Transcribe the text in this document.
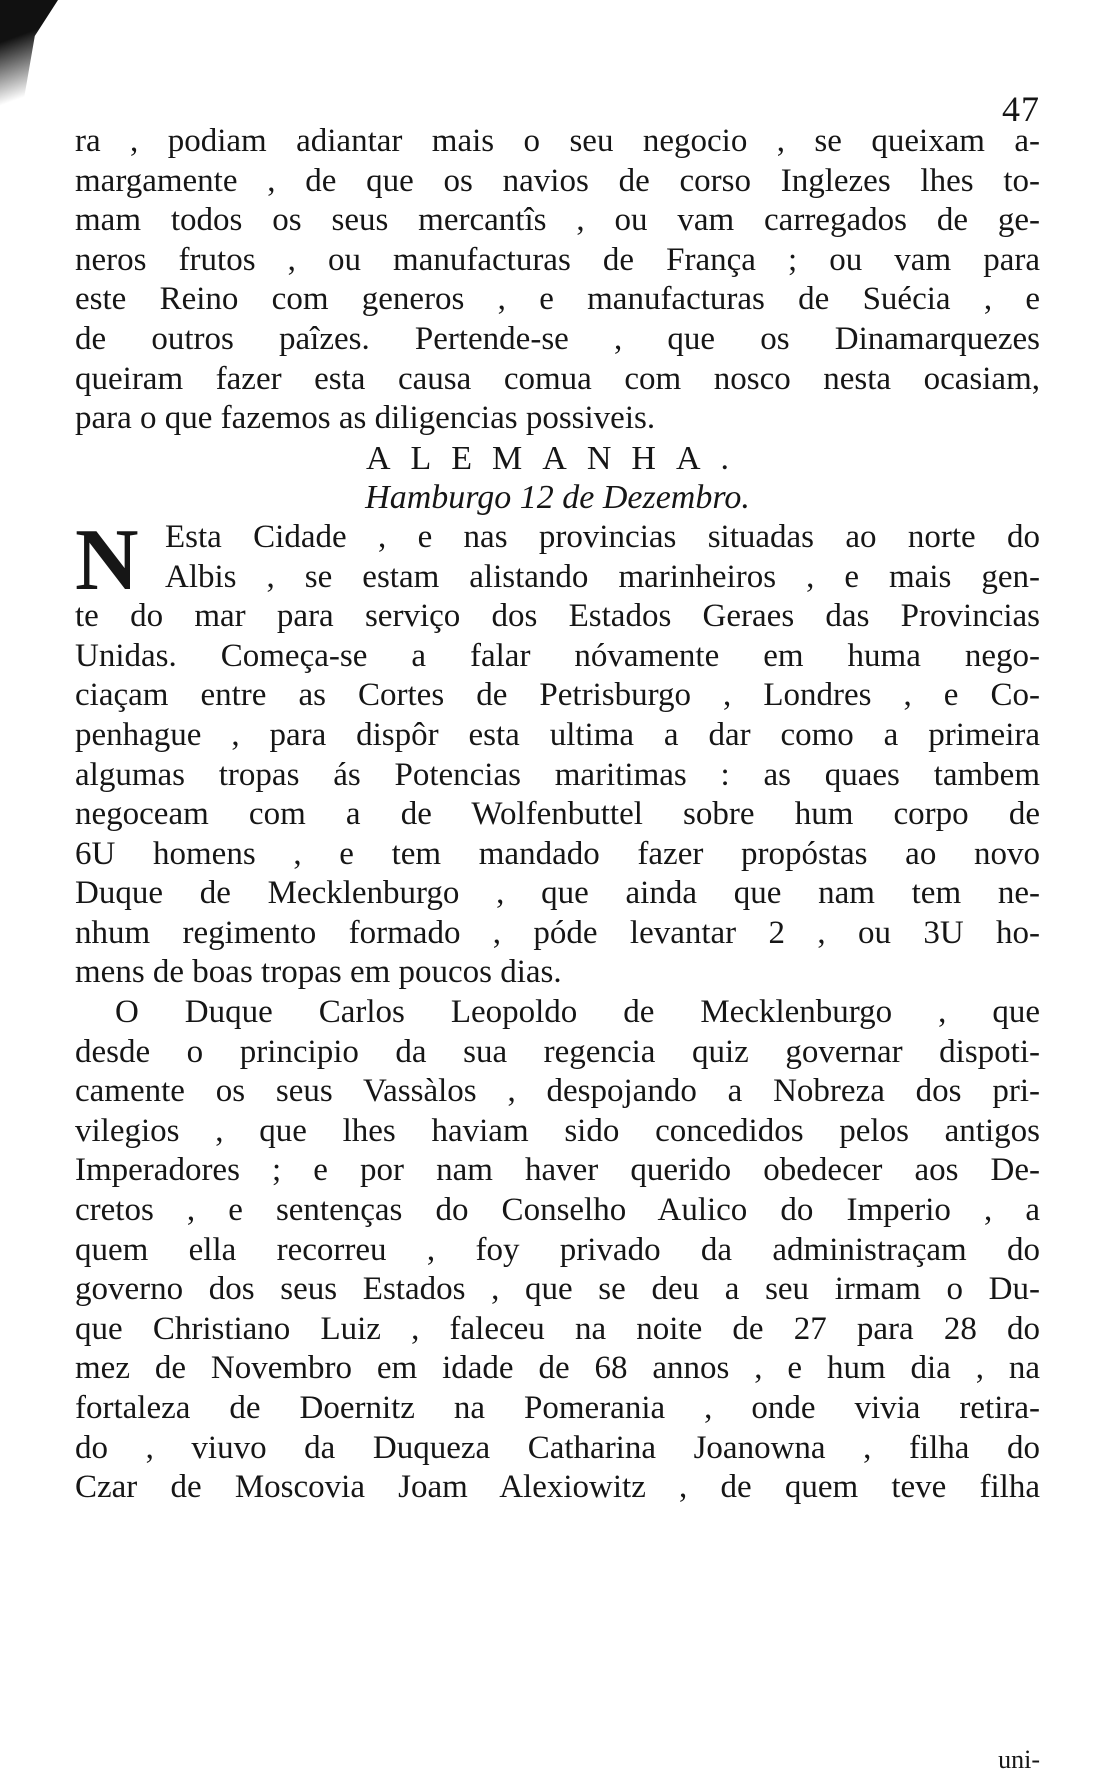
47
ra , podiam adiantar mais o seu negocio , se queixam a-
margamente , de que os navios de corso Inglezes lhes to-
mam todos os seus mercantîs , ou vam carregados de ge-
neros frutos , ou manufacturas de França ; ou vam para
este Reino com generos , e manufacturas de Suécia , e
de outros paîzes. Pertende-se , que os Dinamarquezes
queiram fazer esta causa comua com nosco nesta ocasiam,
para o que fazemos as diligencias possiveis.
ALEMANHA.
Hamburgo 12 de Dezembro.
N Esta Cidade , e nas provincias situadas ao norte do
Albis , se estam alistando marinheiros , e mais gen-
te do mar para serviço dos Estados Geraes das Provincias
Unidas. Começa-se a falar nóvamente em huma nego-
ciaçam entre as Cortes de Petrisburgo , Londres , e Co-
penhague , para dispôr esta ultima a dar como a primeira
algumas tropas ás Potencias maritimas : as quaes tambem
negoceam com a de Wolfenbuttel sobre hum corpo de
6U homens , e tem mandado fazer propóstas ao novo
Duque de Mecklenburgo , que ainda que nam tem ne-
nhum regimento formado , póde levantar 2 , ou 3U ho-
mens de boas tropas em poucos dias.
O Duque Carlos Leopoldo de Mecklenburgo , que
desde o principio da sua regencia quiz governar dispoti-
camente os seus Vassàlos , despojando a Nobreza dos pri-
vilegios , que lhes haviam sido concedidos pelos antigos
Imperadores ; e por nam haver querido obedecer aos De-
cretos , e sentenças do Conselho Aulico do Imperio , a
quem ella recorreu , foy privado da administraçam do
governo dos seus Estados , que se deu a seu irmam o Du-
que Christiano Luiz , faleceu na noite de 27 para 28 do
mez de Novembro em idade de 68 annos , e hum dia , na
fortaleza de Doernitz na Pomerania , onde vivia retira-
do , viuvo da Duqueza Catharina Joanowna , filha do
Czar de Moscovia Joam Alexiowitz , de quem teve filha
uni-
